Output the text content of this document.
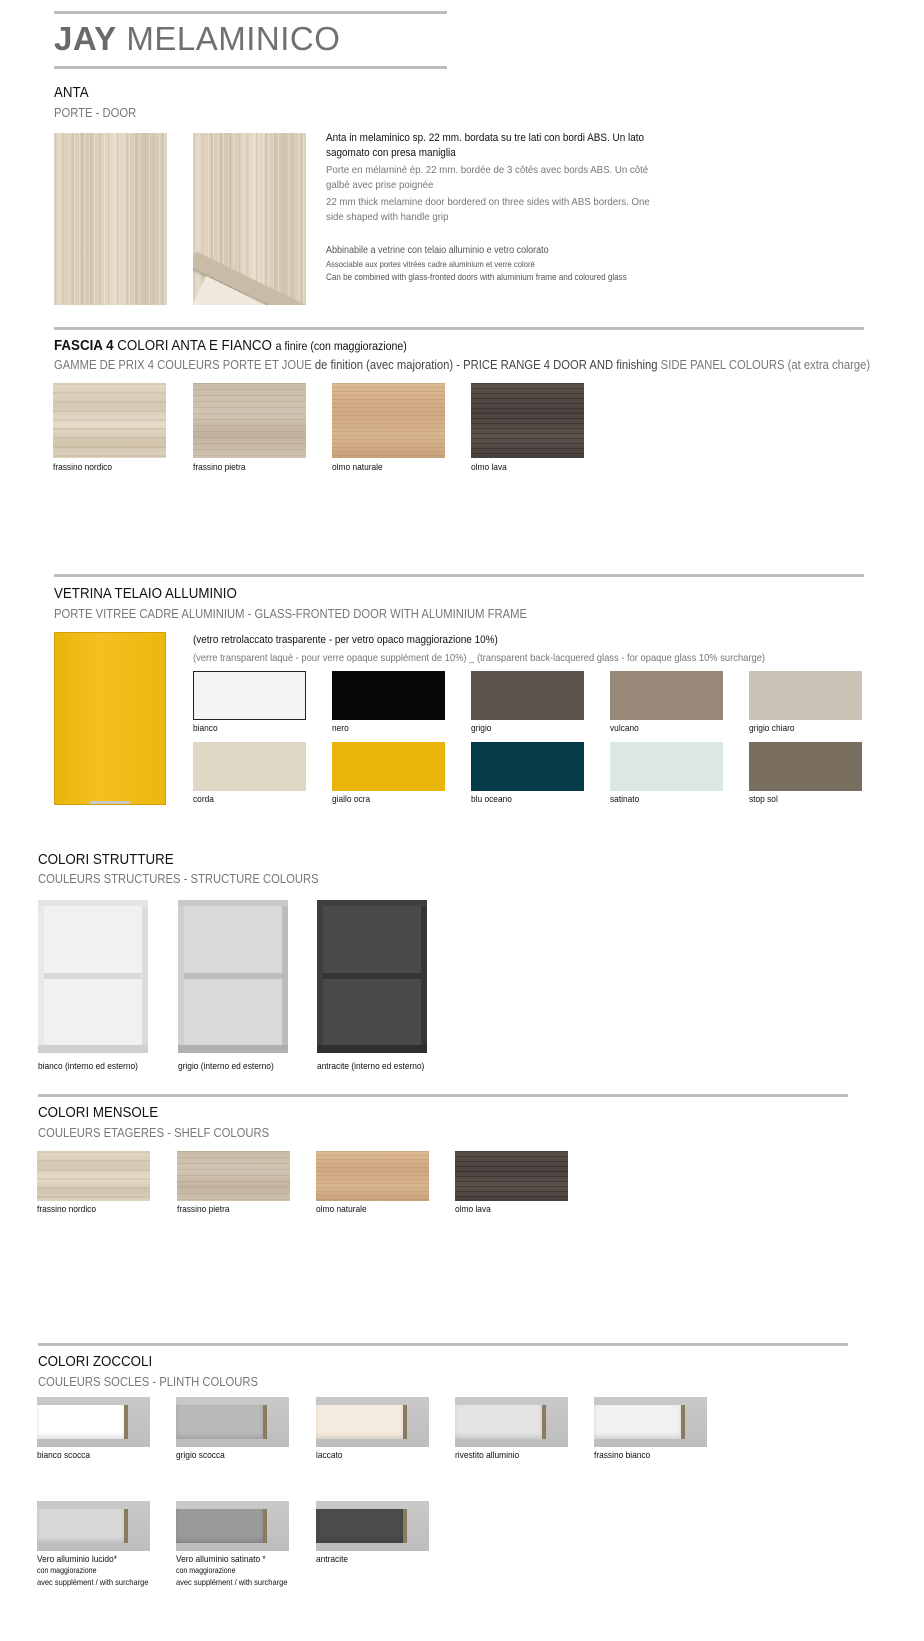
JAY MELAMINICO
ANTA
PORTE - DOOR
Anta in melaminico sp. 22 mm. bordata su tre lati con bordi ABS. Un lato sagomato con presa maniglia
Porte en mélaminé ép. 22 mm. bordée de 3 côtés avec bords ABS. Un côté galbé avec prise poignée
22 mm thick melamine door bordered on three sides with ABS borders. One side shaped with handle grip
Abbinabile a vetrine con telaio alluminio e vetro colorato
Associable aux portes vitrées cadre aluminium et verre coloré
Can be combined with glass-fronted doors with aluminium frame and coloured glass
FASCIA 4 COLORI ANTA E FIANCO a finire (con maggiorazione)
GAMME DE PRIX 4 COULEURS PORTE ET JOUE de finition (avec majoration) - PRICE RANGE 4 DOOR AND finishing SIDE PANEL COLOURS (at extra charge)
frassino nordico	frassino pietra	olmo naturale	olmo lava
VETRINA TELAIO ALLUMINIO
PORTE VITREE CADRE ALUMINIUM - GLASS-FRONTED DOOR WITH ALUMINIUM FRAME
(vetro retrolaccato trasparente - per vetro opaco maggiorazione 10%)
(verre transparent laqué - pour verre opaque supplément de 10%) _ (transparent back-lacquered glass - for opaque glass 10% surcharge)
bianco	nero	grigio	vulcano	grigio chiaro
corda	giallo ocra	blu oceano	satinato	stop sol
COLORI STRUTTURE
COULEURS STRUCTURES - STRUCTURE COLOURS
bianco (interno ed esterno)	grigio (interno ed esterno)	antracite (interno ed esterno)
COLORI MENSOLE
COULEURS ETAGERES - SHELF COLOURS
frassino nordico	frassino pietra	olmo naturale	olmo lava
COLORI ZOCCOLI
COULEURS SOCLES - PLINTH COLOURS
bianco scocca	grigio scocca	laccato	rivestito alluminio	frassino bianco
Vero alluminio lucido*
con maggiorazione
avec supplément / with surcharge
Vero alluminio satinato *
con maggiorazione
avec supplément / with surcharge
antracite
